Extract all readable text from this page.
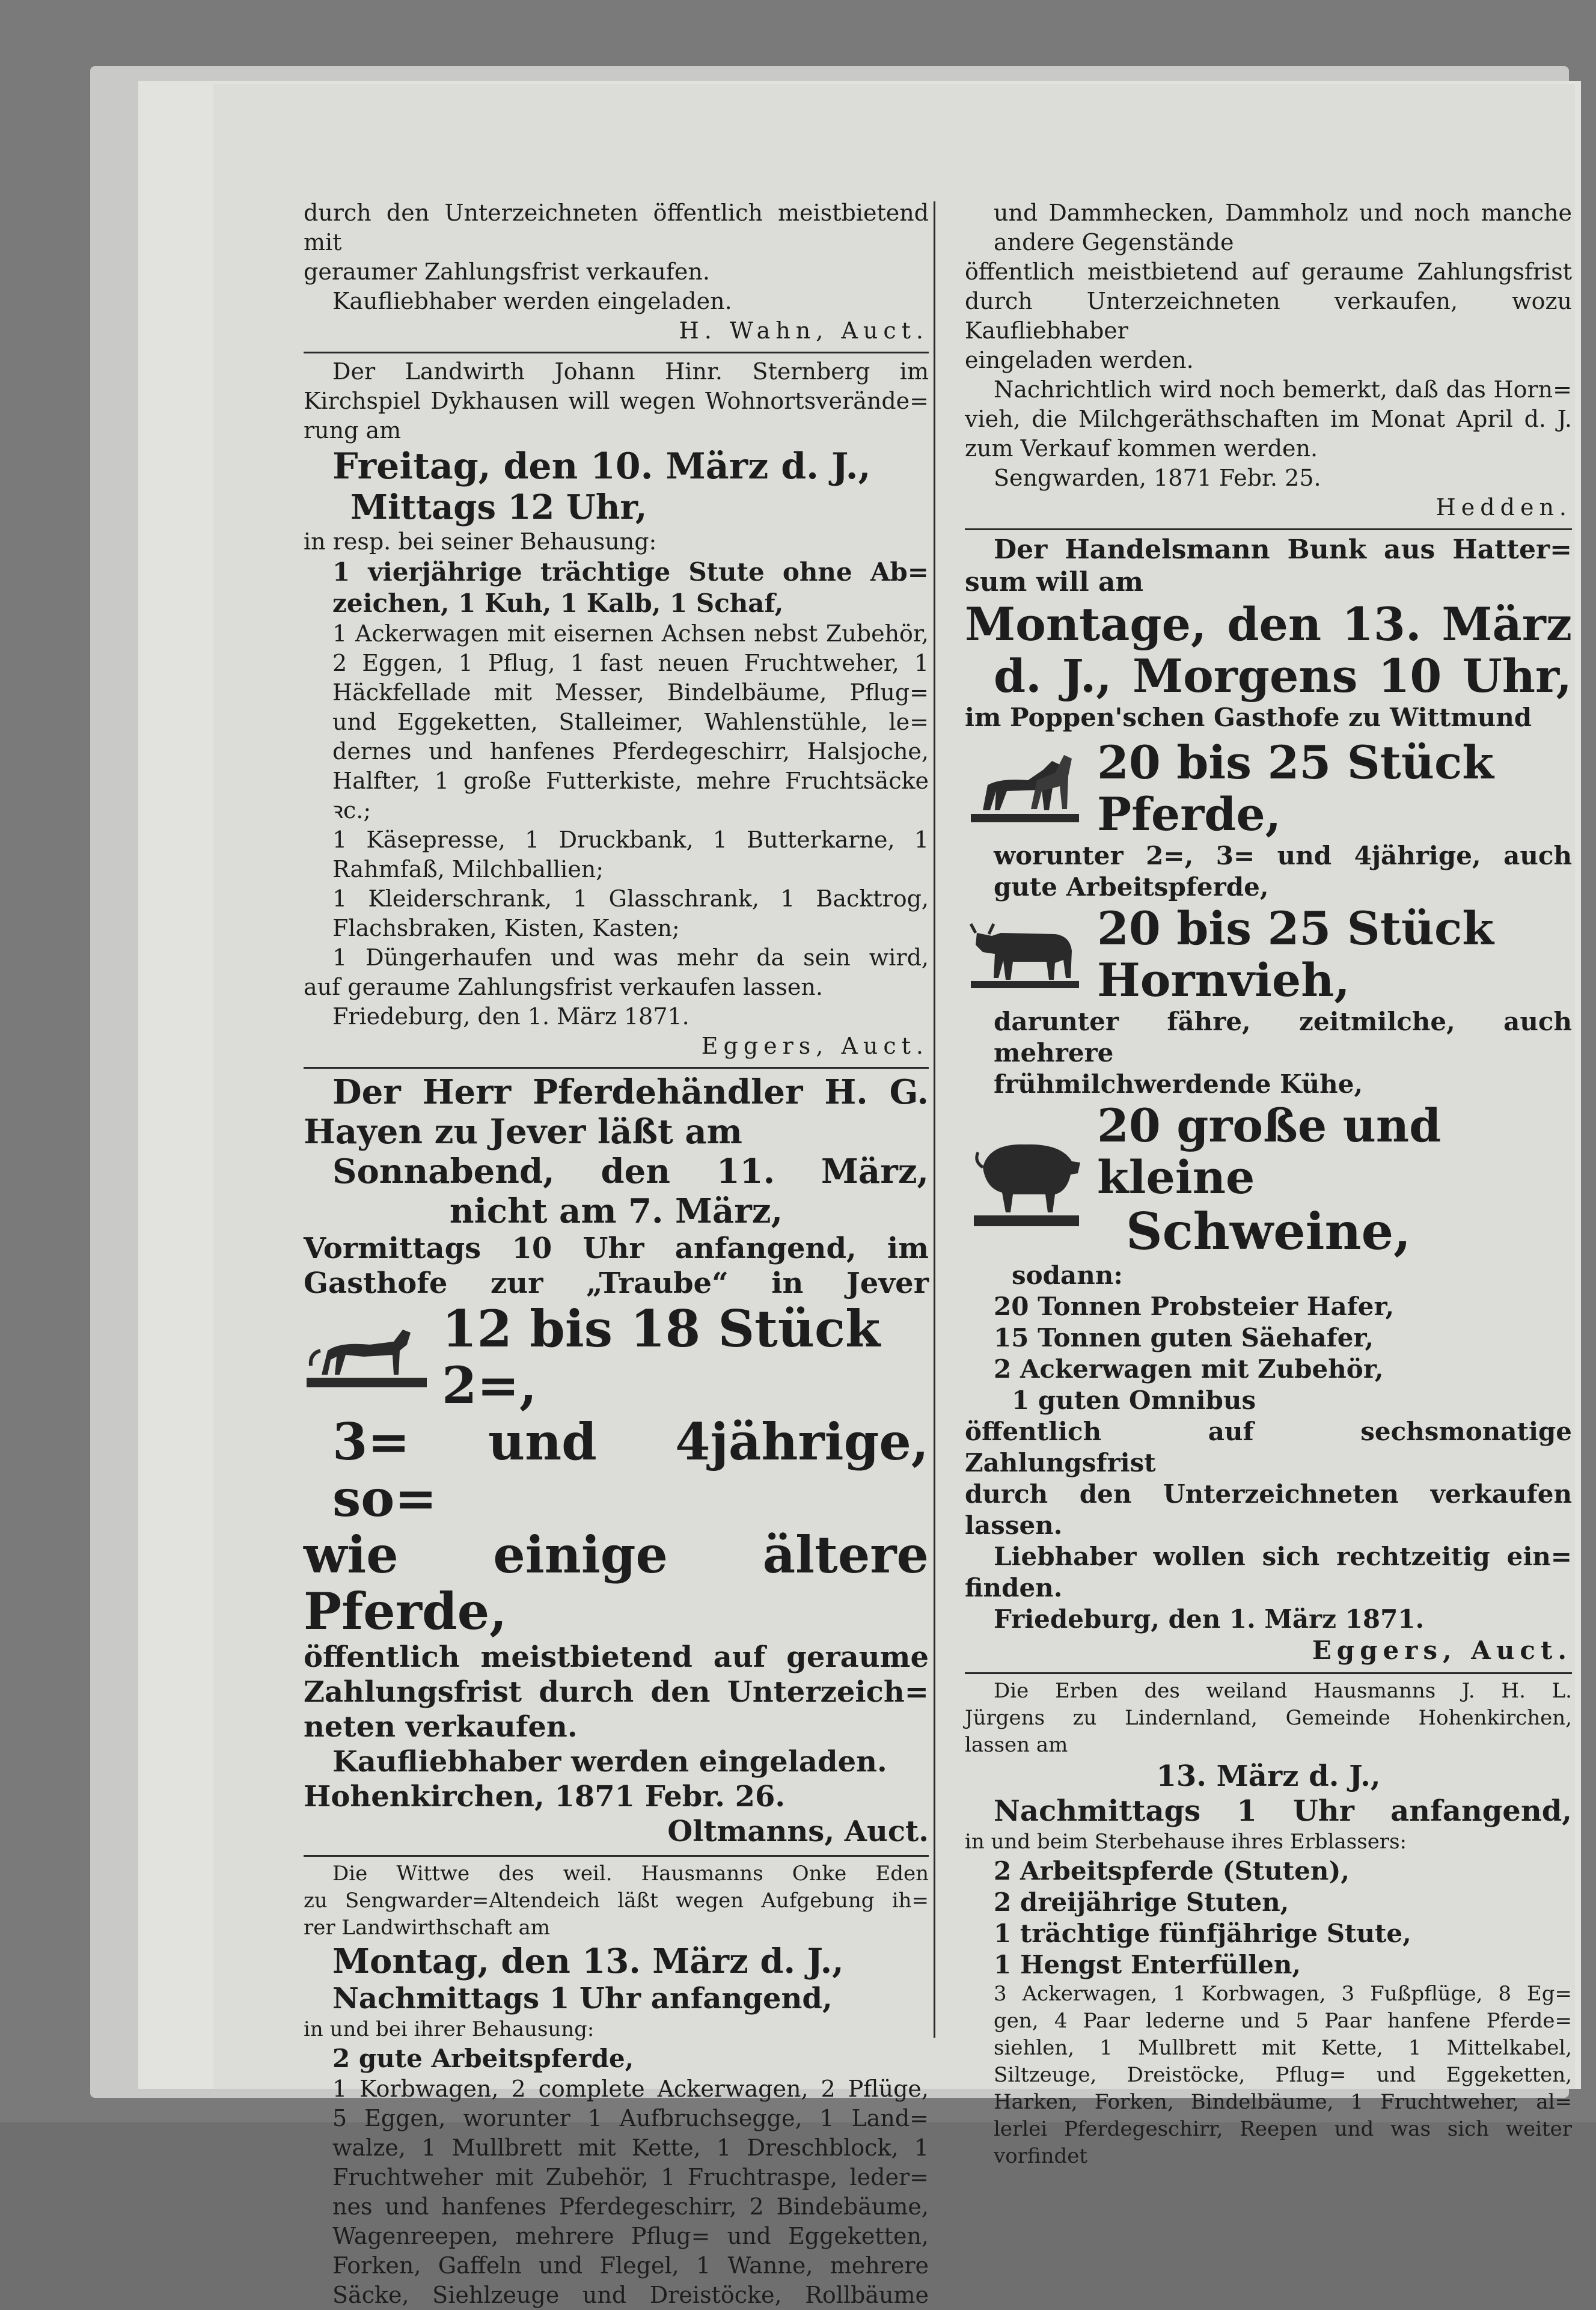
durch den Unterzeichneten öffentlich meistbietend mit

geraumer Zahlungsfrist verkaufen.

Kaufliebhaber werden eingeladen.

H. Wahn, Auct.

Der Landwirth Johann Hinr. Sternberg im

Kirchspiel Dykhausen will wegen Wohnortsverände=

rung am

Freitag, den 10. März d. J.,

Mittags 12 Uhr,

in resp. bei seiner Behausung:

1 vierjährige trächtige Stute ohne Ab=

zeichen, 1 Kuh, 1 Kalb, 1 Schaf,

1 Ackerwagen mit eisernen Achsen nebst Zubehör,

2 Eggen, 1 Pflug, 1 fast neuen Fruchtweher, 1

Häckfellade mit Messer, Bindelbäume, Pflug=

und Eggeketten, Stalleimer, Wahlenstühle, le=

dernes und hanfenes Pferdegeschirr, Halsjoche,

Halfter, 1 große Futterkiste, mehre Fruchtsäcke ꝛc.;

1 Käsepresse, 1 Druckbank, 1 Butterkarne, 1

Rahmfaß, Milchballien;

1 Kleiderschrank, 1 Glasschrank, 1 Backtrog,

Flachsbraken, Kisten, Kasten;

1 Düngerhaufen und was mehr da sein wird,

auf geraume Zahlungsfrist verkaufen lassen.

Friedeburg, den 1. März 1871.

Eggers, Auct.

Der Herr Pferdehändler H. G.

Hayen zu Jever läßt am

Sonnabend, den 11. März,

nicht am 7. März,

Vormittags 10 Uhr anfangend, im

Gasthofe zur „Traube“ in Jever

12 bis 18 Stück 2=,

3= und 4jährige, so=

wie einige ältere Pferde,

öffentlich meistbietend auf geraume

Zahlungsfrist durch den Unterzeich=

neten verkaufen.

Kaufliebhaber werden eingeladen.

Hohenkirchen, 1871 Febr. 26.

Oltmanns, Auct.

Die Wittwe des weil. Hausmanns Onke Eden

zu Sengwarder=Altendeich läßt wegen Aufgebung ih=

rer Landwirthschaft am

Montag, den 13. März d. J.,

Nachmittags 1 Uhr anfangend,

in und bei ihrer Behausung:

2 gute Arbeitspferde,

1 Korbwagen, 2 complete Ackerwagen, 2 Pflüge,

5 Eggen, worunter 1 Aufbruchsegge, 1 Land=

walze, 1 Mullbrett mit Kette, 1 Dreschblock, 1

Fruchtweher mit Zubehör, 1 Fruchtraspe, leder=

nes und hanfenes Pferdegeschirr, 2 Bindebäume,

Wagenreepen, mehrere Pflug= und Eggeketten,

Forken, Gaffeln und Flegel, 1 Wanne, mehrere

Säcke, Siehlzeuge und Dreistöcke, Rollbäume

und Dammhecken, Dammholz und noch manche

andere Gegenstände

öffentlich meistbietend auf geraume Zahlungsfrist

durch Unterzeichneten verkaufen, wozu Kaufliebhaber

eingeladen werden.

Nachrichtlich wird noch bemerkt, daß das Horn=

vieh, die Milchgeräthschaften im Monat April d. J.

zum Verkauf kommen werden.

Sengwarden, 1871 Febr. 25.

Hedden.

Der Handelsmann Bunk aus Hatter=

sum will am

Montage, den 13. März

d. J., Morgens 10 Uhr,

im Poppen'schen Gasthofe zu Wittmund

20 bis 25 Stück

Pferde,

worunter 2=, 3= und 4jährige, auch

gute Arbeitspferde,

20 bis 25 Stück

Hornvieh,

darunter fähre, zeitmilche, auch mehrere

frühmilchwerdende Kühe,

20 große und kleine

Schweine,

sodann:

20 Tonnen Probsteier Hafer,

15 Tonnen guten Säehafer,

2 Ackerwagen mit Zubehör,

1 guten Omnibus

öffentlich auf sechsmonatige Zahlungsfrist

durch den Unterzeichneten verkaufen lassen.

Liebhaber wollen sich rechtzeitig ein=

finden.

Friedeburg, den 1. März 1871.

Eggers, Auct.

Die Erben des weiland Hausmanns J. H. L.

Jürgens zu Lindernland, Gemeinde Hohenkirchen,

lassen am

13. März d. J.,

Nachmittags 1 Uhr anfangend,

in und beim Sterbehause ihres Erblassers:

2 Arbeitspferde (Stuten),

2 dreijährige Stuten,

1 trächtige fünfjährige Stute,

1 Hengst Enterfüllen,

3 Ackerwagen, 1 Korbwagen, 3 Fußpflüge, 8 Eg=

gen, 4 Paar lederne und 5 Paar hanfene Pferde=

siehlen, 1 Mullbrett mit Kette, 1 Mittelkabel,

Siltzeuge, Dreistöcke, Pflug= und Eggeketten,

Harken, Forken, Bindelbäume, 1 Fruchtweher, al=

lerlei Pferdegeschirr, Reepen und was sich weiter

vorfindet
